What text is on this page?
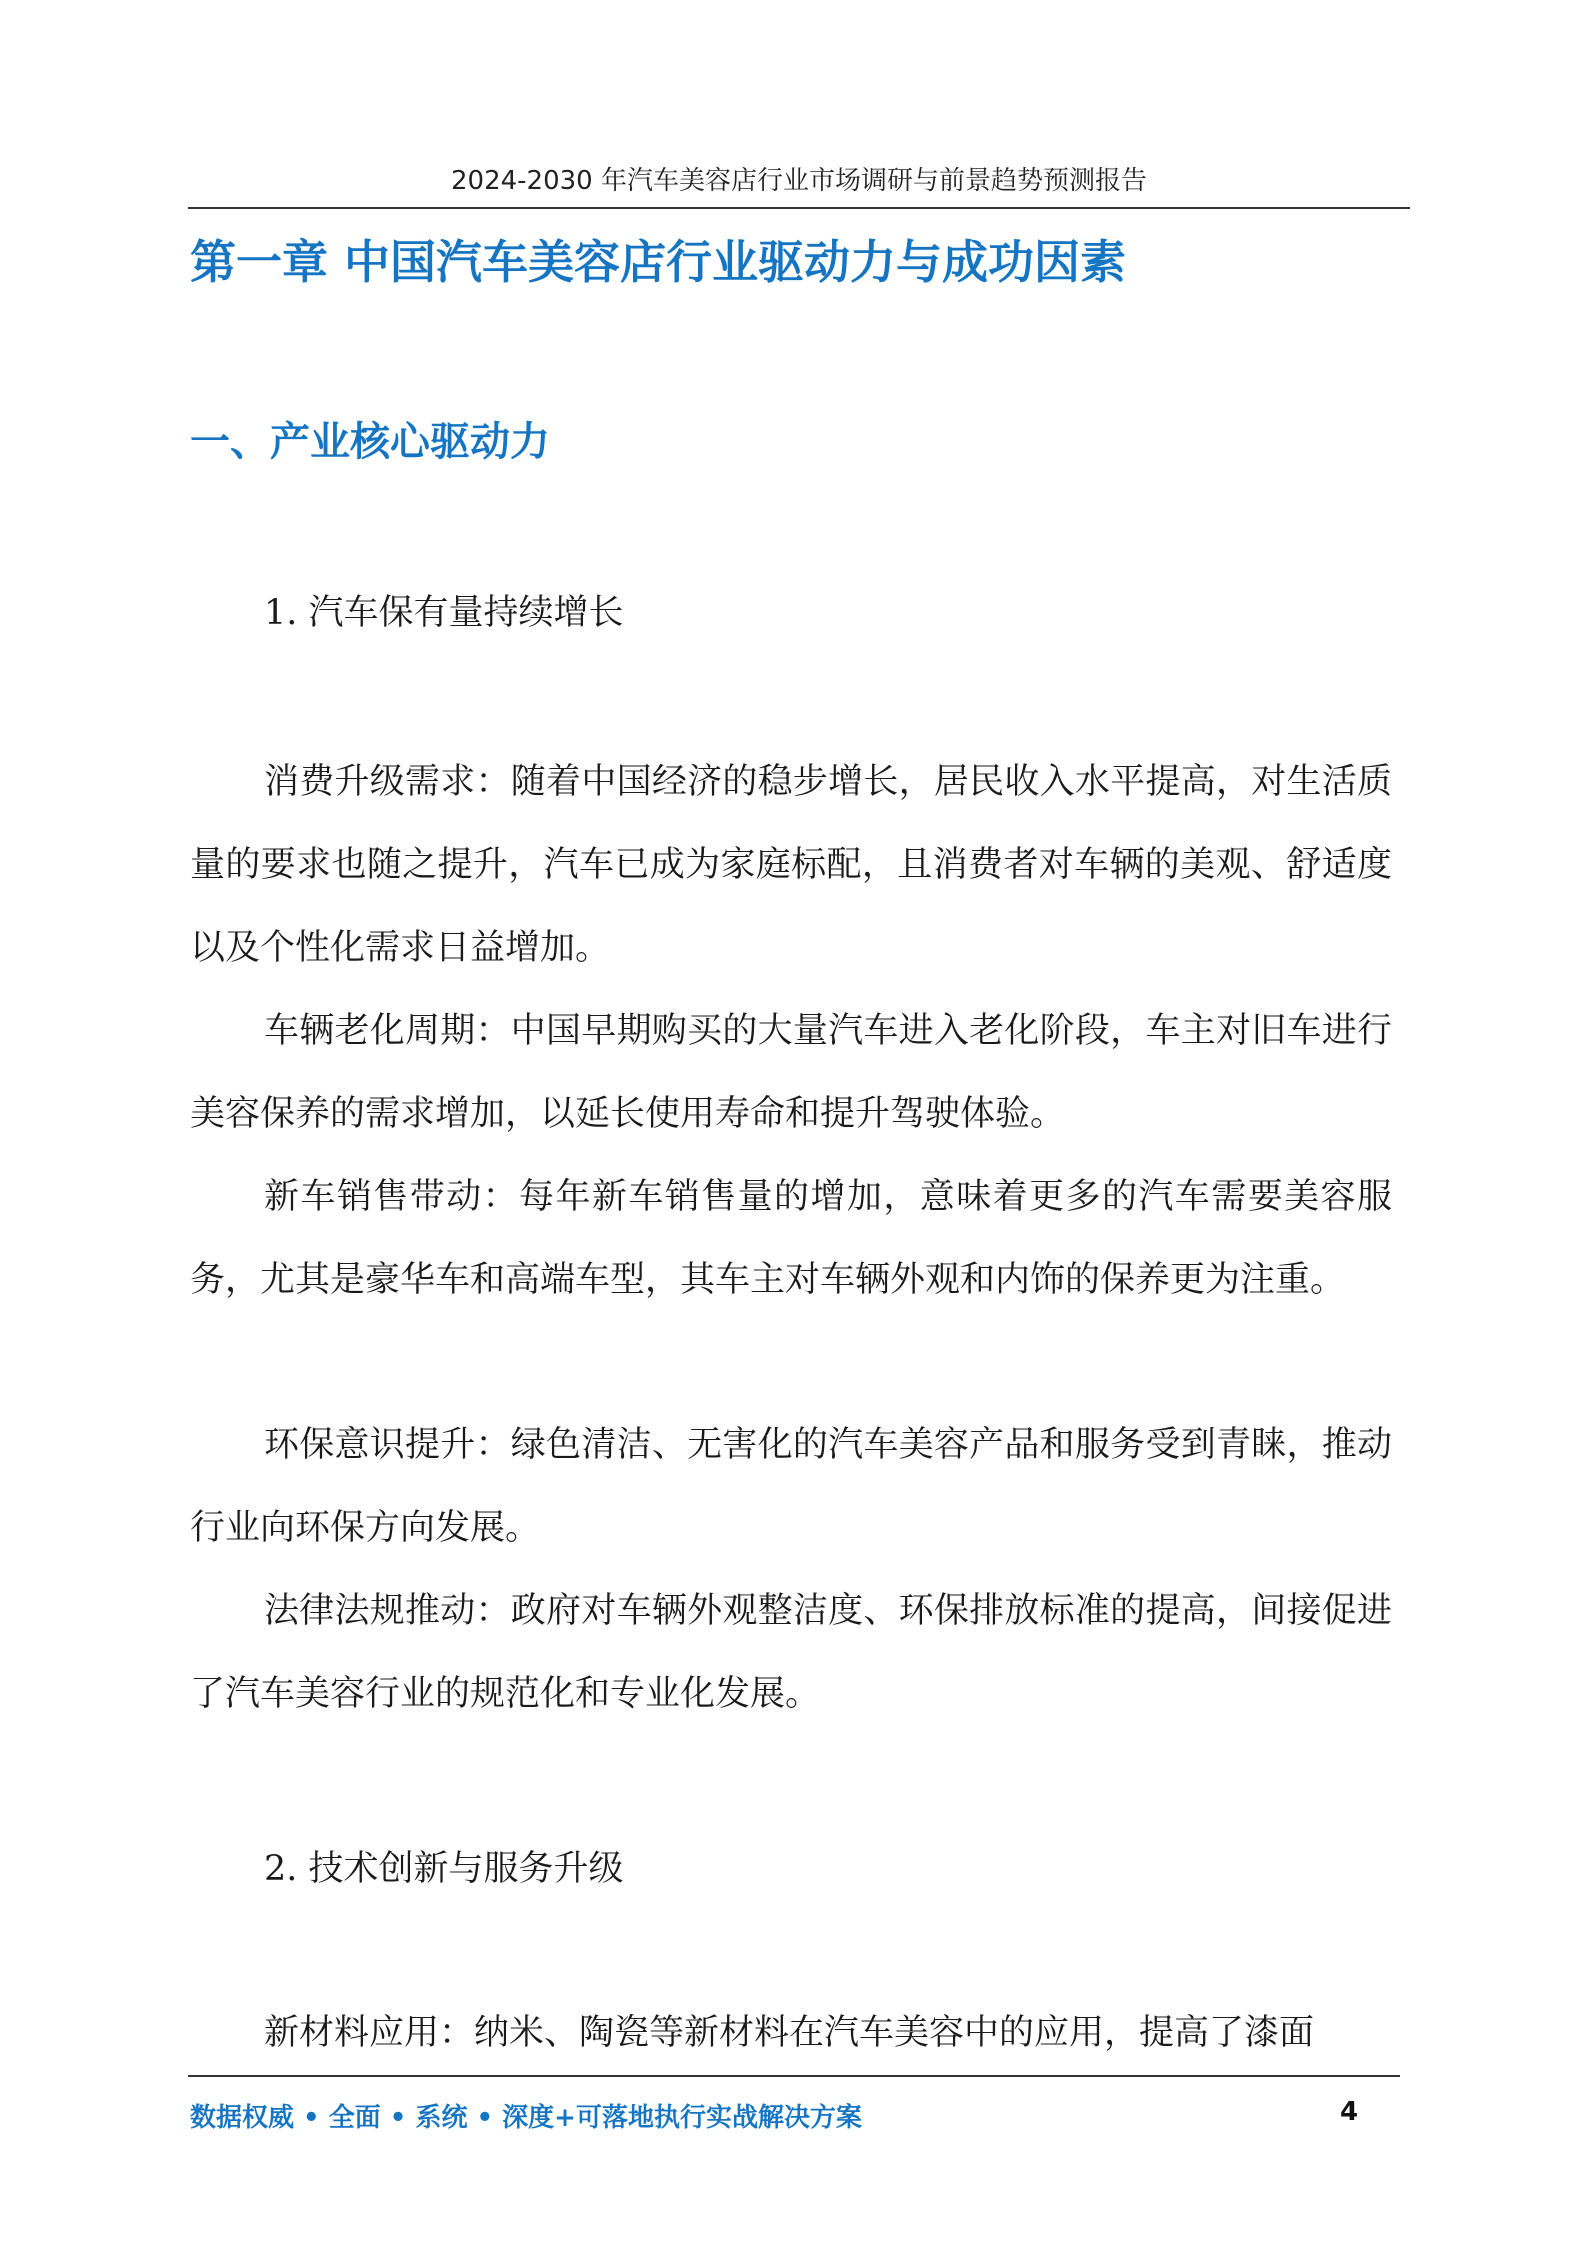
2024-2030 年汽车美容店行业市场调研与前景趋势预测报告
第一章 中国汽车美容店行业驱动力与成功因素
一、产业核心驱动力

1. 汽车保有量持续增长

消费升级需求：随着中国经济的稳步增长，居民收入水平提高，对生活质量的要求也随之提升，汽车已成为家庭标配，且消费者对车辆的美观、舒适度以及个性化需求日益增加。

车辆老化周期：中国早期购买的大量汽车进入老化阶段，车主对旧车进行美容保养的需求增加，以延长使用寿命和提升驾驶体验。

新车销售带动：每年新车销售量的增加，意味着更多的汽车需要美容服务，尤其是豪华车和高端车型，其车主对车辆外观和内饰的保养更为注重。

环保意识提升：绿色清洁、无害化的汽车美容产品和服务受到青睐，推动行业向环保方向发展。

法律法规推动：政府对车辆外观整洁度、环保排放标准的提高，间接促进了汽车美容行业的规范化和专业化发展。

2. 技术创新与服务升级

新材料应用：纳米、陶瓷等新材料在汽车美容中的应用，提高了漆面

数据权威 • 全面 • 系统 • 深度+可落地执行实战解决方案	4
